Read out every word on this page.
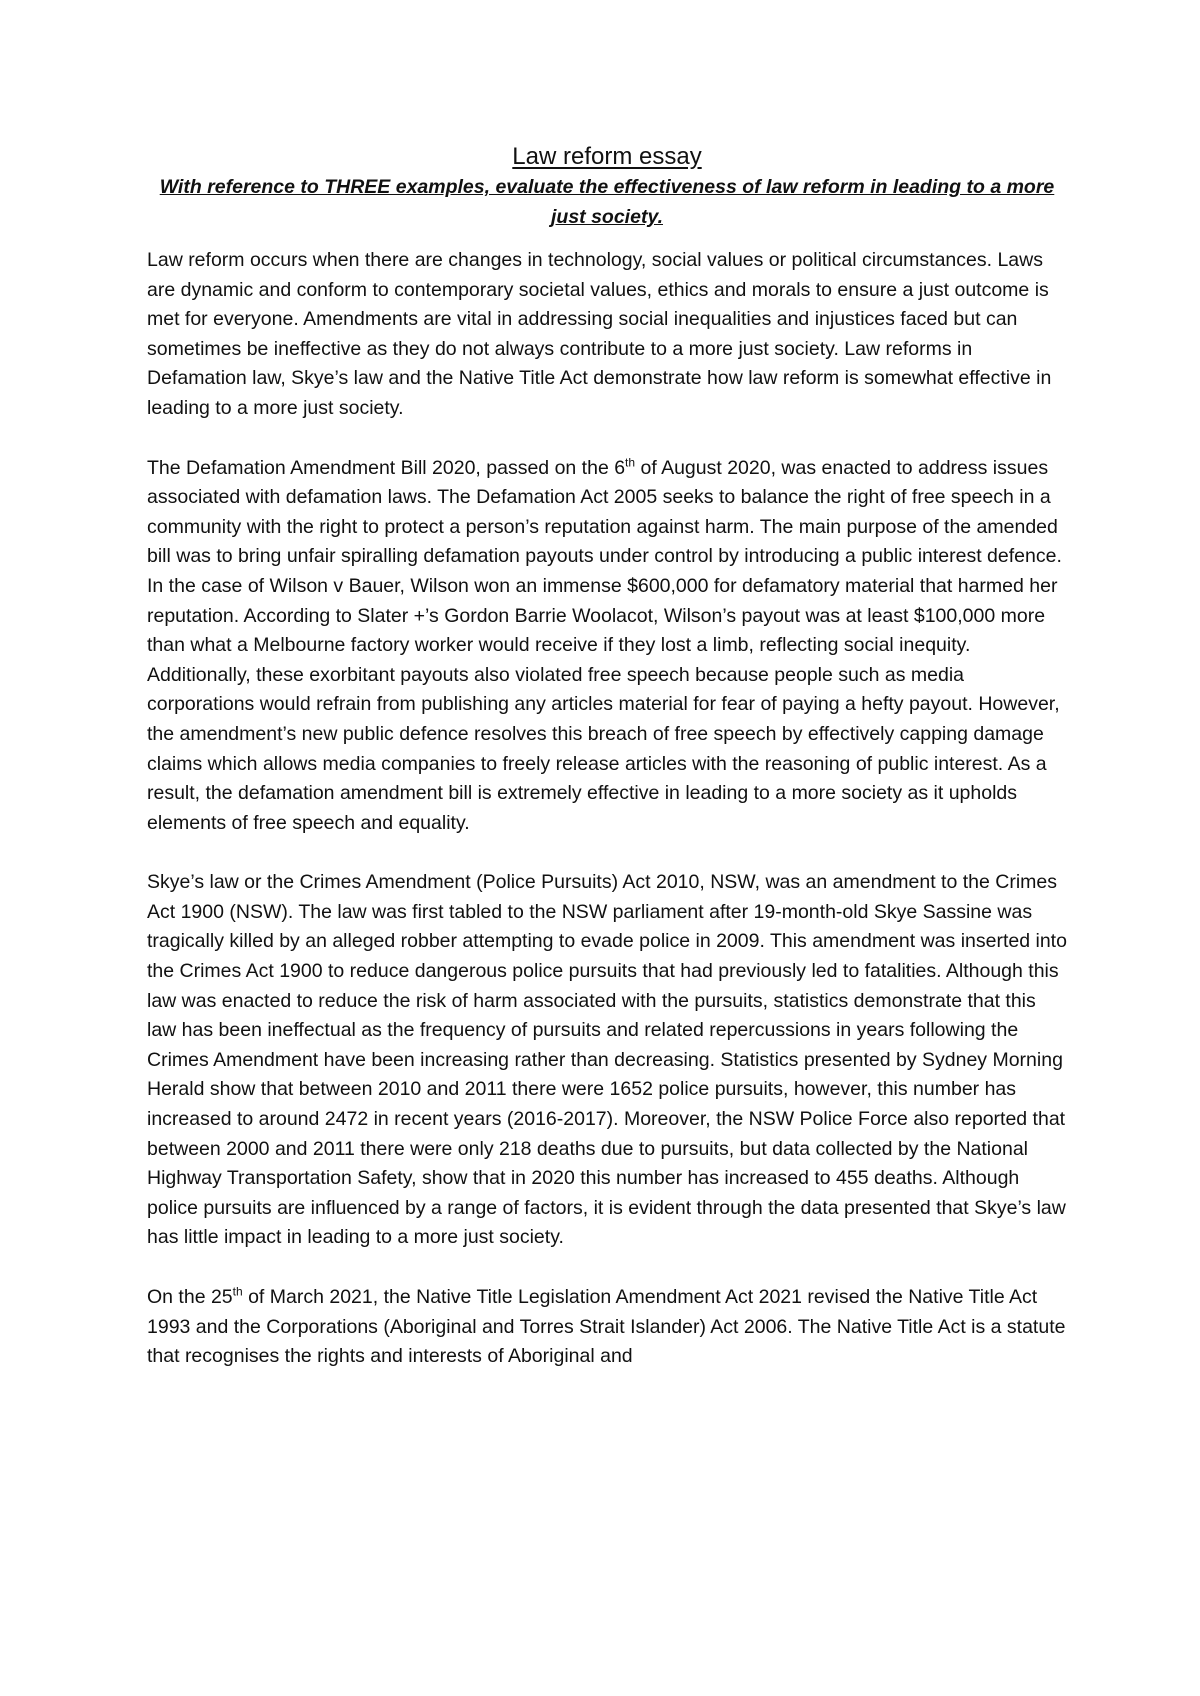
Law reform essay

With reference to THREE examples, evaluate the effectiveness of law reform in leading to a more just society.

Law reform occurs when there are changes in technology, social values or political circumstances. Laws are dynamic and conform to contemporary societal values, ethics and morals to ensure a just outcome is met for everyone. Amendments are vital in addressing social inequalities and injustices faced but can sometimes be ineffective as they do not always contribute to a more just society. Law reforms in Defamation law, Skye’s law and the Native Title Act demonstrate how law reform is somewhat effective in leading to a more just society.

The Defamation Amendment Bill 2020, passed on the 6th of August 2020, was enacted to address issues associated with defamation laws. The Defamation Act 2005 seeks to balance the right of free speech in a community with the right to protect a person’s reputation against harm. The main purpose of the amended bill was to bring unfair spiralling defamation payouts under control by introducing a public interest defence. In the case of Wilson v Bauer, Wilson won an immense $600,000 for defamatory material that harmed her reputation. According to Slater +’s Gordon Barrie Woolacot, Wilson’s payout was at least $100,000 more than what a Melbourne factory worker would receive if they lost a limb, reflecting social inequity. Additionally, these exorbitant payouts also violated free speech because people such as media corporations would refrain from publishing any articles material for fear of paying a hefty payout. However, the amendment’s new public defence resolves this breach of free speech by effectively capping damage claims which allows media companies to freely release articles with the reasoning of public interest. As a result, the defamation amendment bill is extremely effective in leading to a more society as it upholds elements of free speech and equality.

Skye’s law or the Crimes Amendment (Police Pursuits) Act 2010, NSW, was an amendment to the Crimes Act 1900 (NSW). The law was first tabled to the NSW parliament after 19-month-old Skye Sassine was tragically killed by an alleged robber attempting to evade police in 2009. This amendment was inserted into the Crimes Act 1900 to reduce dangerous police pursuits that had previously led to fatalities. Although this law was enacted to reduce the risk of harm associated with the pursuits, statistics demonstrate that this law has been ineffectual as the frequency of pursuits and related repercussions in years following the Crimes Amendment have been increasing rather than decreasing. Statistics presented by Sydney Morning Herald show that between 2010 and 2011 there were 1652 police pursuits, however, this number has increased to around 2472 in recent years (2016-2017). Moreover, the NSW Police Force also reported that between 2000 and 2011 there were only 218 deaths due to pursuits, but data collected by the National Highway Transportation Safety, show that in 2020 this number has increased to 455 deaths. Although police pursuits are influenced by a range of factors, it is evident through the data presented that Skye’s law has little impact in leading to a more just society.

On the 25th of March 2021, the Native Title Legislation Amendment Act 2021 revised the Native Title Act 1993 and the Corporations (Aboriginal and Torres Strait Islander) Act 2006. The Native Title Act is a statute that recognises the rights and interests of Aboriginal and
